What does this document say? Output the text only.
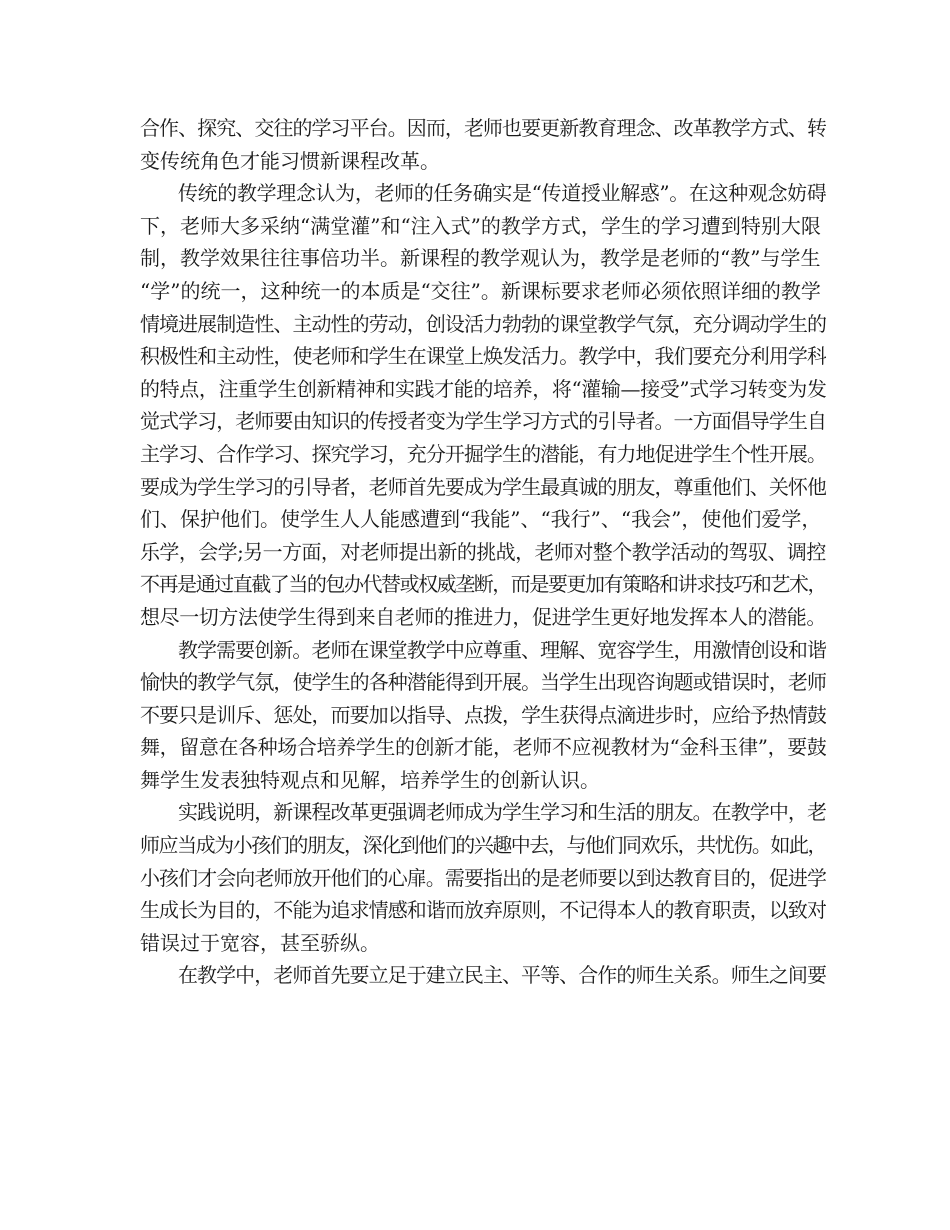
合作、探究、交往的学习平台。因而，老师也要更新教育理念、改革教学方式、转
变传统角色才能习惯新课程改革。
传统的教学理念认为，老师的任务确实是“传道授业解惑”。在这种观念妨碍
下，老师大多采纳“满堂灌”和“注入式”的教学方式，学生的学习遭到特别大限
制，教学效果往往事倍功半。新课程的教学观认为，教学是老师的“教”与学生
“学”的统一，这种统一的本质是“交往”。新课标要求老师必须依照详细的教学
情境进展制造性、主动性的劳动，创设活力勃勃的课堂教学气氛，充分调动学生的
积极性和主动性，使老师和学生在课堂上焕发活力。教学中，我们要充分利用学科
的特点，注重学生创新精神和实践才能的培养，将“灌输—接受”式学习转变为发
觉式学习，老师要由知识的传授者变为学生学习方式的引导者。一方面倡导学生自
主学习、合作学习、探究学习，充分开掘学生的潜能，有力地促进学生个性开展。
要成为学生学习的引导者，老师首先要成为学生最真诚的朋友，尊重他们、关怀他
们、保护他们。使学生人人能感遭到“我能”、“我行”、“我会”，使他们爱学，
乐学，会学;另一方面，对老师提出新的挑战，老师对整个教学活动的驾驭、调控
不再是通过直截了当的包办代替或权威垄断，而是要更加有策略和讲求技巧和艺术，
想尽一切方法使学生得到来自老师的推进力，促进学生更好地发挥本人的潜能。
教学需要创新。老师在课堂教学中应尊重、理解、宽容学生，用激情创设和谐
愉快的教学气氛，使学生的各种潜能得到开展。当学生出现咨询题或错误时，老师
不要只是训斥、惩处，而要加以指导、点拨，学生获得点滴进步时，应给予热情鼓
舞，留意在各种场合培养学生的创新才能，老师不应视教材为“金科玉律”，要鼓
舞学生发表独特观点和见解，培养学生的创新认识。
实践说明，新课程改革更强调老师成为学生学习和生活的朋友。在教学中，老
师应当成为小孩们的朋友，深化到他们的兴趣中去，与他们同欢乐，共忧伤。如此，
小孩们才会向老师放开他们的心扉。需要指出的是老师要以到达教育目的，促进学
生成长为目的，不能为追求情感和谐而放弃原则，不记得本人的教育职责，以致对
错误过于宽容，甚至骄纵。
在教学中，老师首先要立足于建立民主、平等、合作的师生关系。师生之间要
